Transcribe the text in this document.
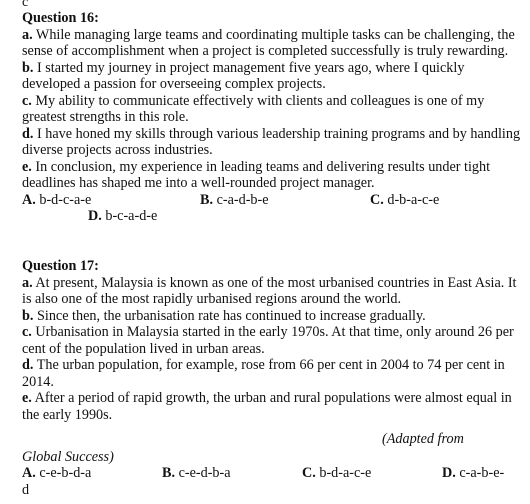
c

Question 16:

a. While managing large teams and coordinating multiple tasks can be challenging, the sense of accomplishment when a project is completed successfully is truly rewarding.

b. I started my journey in project management five years ago, where I quickly developed a passion for overseeing complex projects.

c. My ability to communicate effectively with clients and colleagues is one of my greatest strengths in this role.

d. I have honed my skills through various leadership training programs and by handling diverse projects across industries.

e. In conclusion, my experience in leading teams and delivering results under tight deadlines has shaped me into a well-rounded project manager.

A. b-d-c-a-e	B. c-a-d-b-e	C. d-b-a-c-e
D. b-c-a-d-e

Question 17:

a. At present, Malaysia is known as one of the most urbanised countries in East Asia. It is also one of the most rapidly urbanised regions around the world.

b. Since then, the urbanisation rate has continued to increase gradually.

c. Urbanisation in Malaysia started in the early 1970s. At that time, only around 26 per cent of the population lived in urban areas.

d. The urban population, for example, rose from 66 per cent in 2004 to 74 per cent in 2014.

e. After a period of rapid growth, the urban and rural populations were almost equal in the early 1990s.

(Adapted from

Global Success)

A. c-e-b-d-a	B. c-e-d-b-a	C. b-d-a-c-e	D. c-a-b-e-

d
